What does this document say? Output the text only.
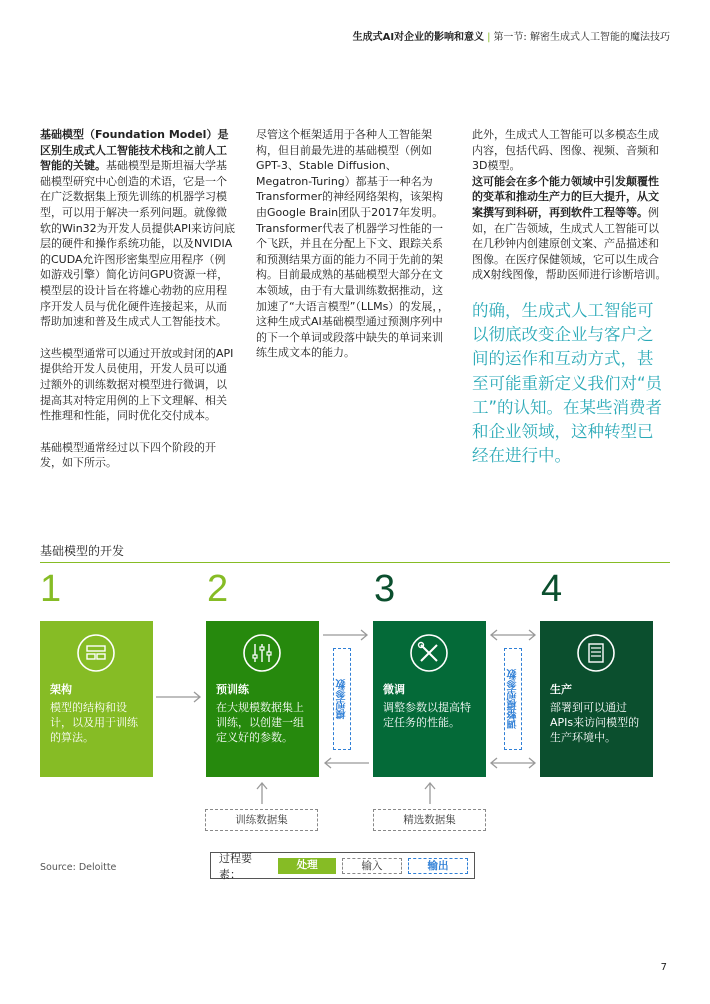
生成式AI对企业的影响和意义 | 第一节: 解密生成式人工智能的魔法技巧

基础模型（Foundation Model）是区别生成式人工智能技术栈和之前人工智能的关键。基础模型是斯坦福大学基础模型研究中心创造的术语，它是一个在广泛数据集上预先训练的机器学习模型，可以用于解决一系列问题。就像微软的Win32为开发人员提供API来访问底层的硬件和操作系统功能，以及NVIDIA的CUDA允许图形密集型应用程序（例如游戏引擎）简化访问GPU资源一样，模型层的设计旨在将雄心勃勃的应用程序开发人员与优化硬件连接起来，从而帮助加速和普及生成式人工智能技术。

这些模型通常可以通过开放或封闭的API提供给开发人员使用，开发人员可以通过额外的训练数据对模型进行微调，以提高其对特定用例的上下文理解、相关性推理和性能，同时优化交付成本。

基础模型通常经过以下四个阶段的开发，如下所示。

尽管这个框架适用于各种人工智能架构，但目前最先进的基础模型（例如GPT-3、Stable Diffusion、Megatron-Turing）都基于一种名为Transformer的神经网络架构，该架构由Google Brain团队于2017年发明。Transformer代表了机器学习性能的一个飞跃，并且在分配上下文、跟踪关系和预测结果方面的能力不同于先前的架构。目前最成熟的基础模型大部分在文本领域，由于有大量训练数据推动，这加速了“大语言模型”（LLMs）的发展，，这种生成式AI基础模型通过预测序列中的下一个单词或段落中缺失的单词来训练生成文本的能力。

此外，生成式人工智能可以多模态生成内容，包括代码、图像、视频、音频和3D模型。

这可能会在多个能力领域中引发颠覆性的变革和推动生产力的巨大提升，从文案撰写到科研，再到软件工程等等。例如，在广告领域，生成式人工智能可以在几秒钟内创建原创文案、产品描述和图像。在医疗保健领域，它可以生成合成X射线图像，帮助医师进行诊断培训。

的确，生成式人工智能可以彻底改变企业与客户之间的运作和互动方式，甚至可能重新定义我们对“员工”的认知。在某些消费者和企业领域，这种转型已经在进行中。
基础模型的开发
1	2	3	4
架构
模型的结构和设计，以及用于训练的算法。
预训练
在大规模数据集上训练，以创建一组定义好的参数。
微调
调整参数以提高特定任务的性能。
生产
部署到可以通过APIs来访问模型的生产环境中。
模型参数	调整模型参数
训练数据集	精选数据集
Source: Deloitte
过程要素：
处理	输入	输出
7
